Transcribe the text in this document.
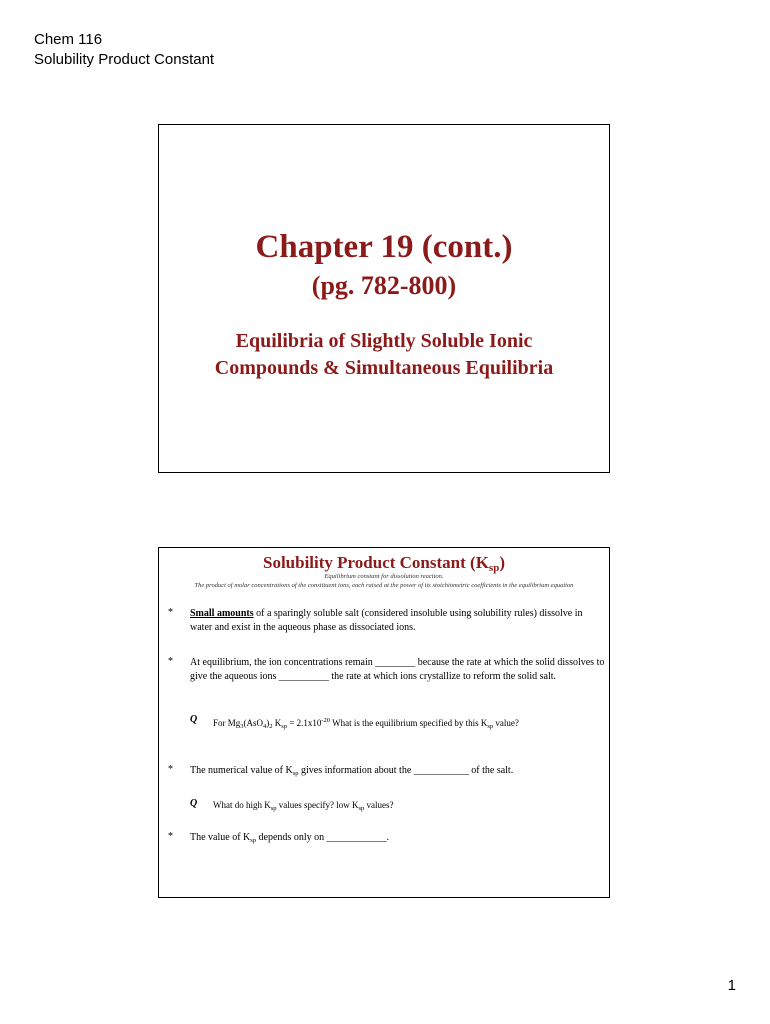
Chem 116
Solubility Product Constant
Chapter 19 (cont.)
(pg. 782-800)
Equilibria of Slightly Soluble Ionic
Compounds & Simultaneous Equilibria
Solubility Product Constant $(K_{sp})$
Equilibrium constant for dissolution reaction.
The product of molar concentrations of the constituent ions, each raised at the power of its stoichiometric coefficients in the equilibrium equation
* Small amounts of a sparingly soluble salt (considered insoluble using solubility rules) dissolve in water and exist in the aqueous phase as dissociated ions.
* At equilibrium, the ion concentrations remain ________ because the rate at which the solid dissolves to give the aqueous ions __________ the rate at which ions crystallize to reform the solid salt.
Q For $Mg_3(AsO_4)_2$ $K_{sp} = 2.1x10^{-20}$ What is the equilibrium specified by this $K_{sp}$ value?
* The numerical value of $K_{sp}$ gives information about the ___________ of the salt.
Q What do high $K_{sp}$ values specify? low $K_{sp}$ values?
* The value of $K_{sp}$ depends only on ____________.
1
